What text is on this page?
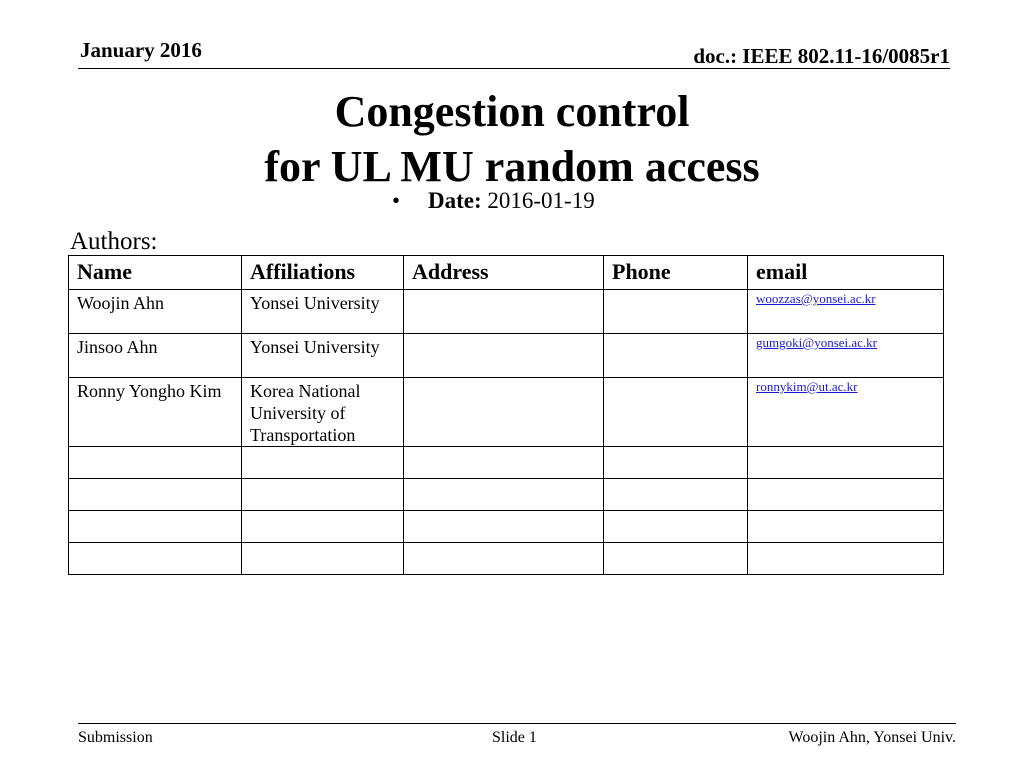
January 2016	doc.: IEEE 802.11-16/0085r1
Congestion control
for UL MU random access
• Date: 2016-01-19
Authors:
Name	Affiliations	Address	Phone	email
Woojin Ahn	Yonsei University			woozzas@yonsei.ac.kr
Jinsoo Ahn	Yonsei University			gumgoki@yonsei.ac.kr
Ronny Yongho Kim	Korea National University of Transportation			ronnykim@ut.ac.kr

Submission	Slide 1	Woojin Ahn, Yonsei Univ.
